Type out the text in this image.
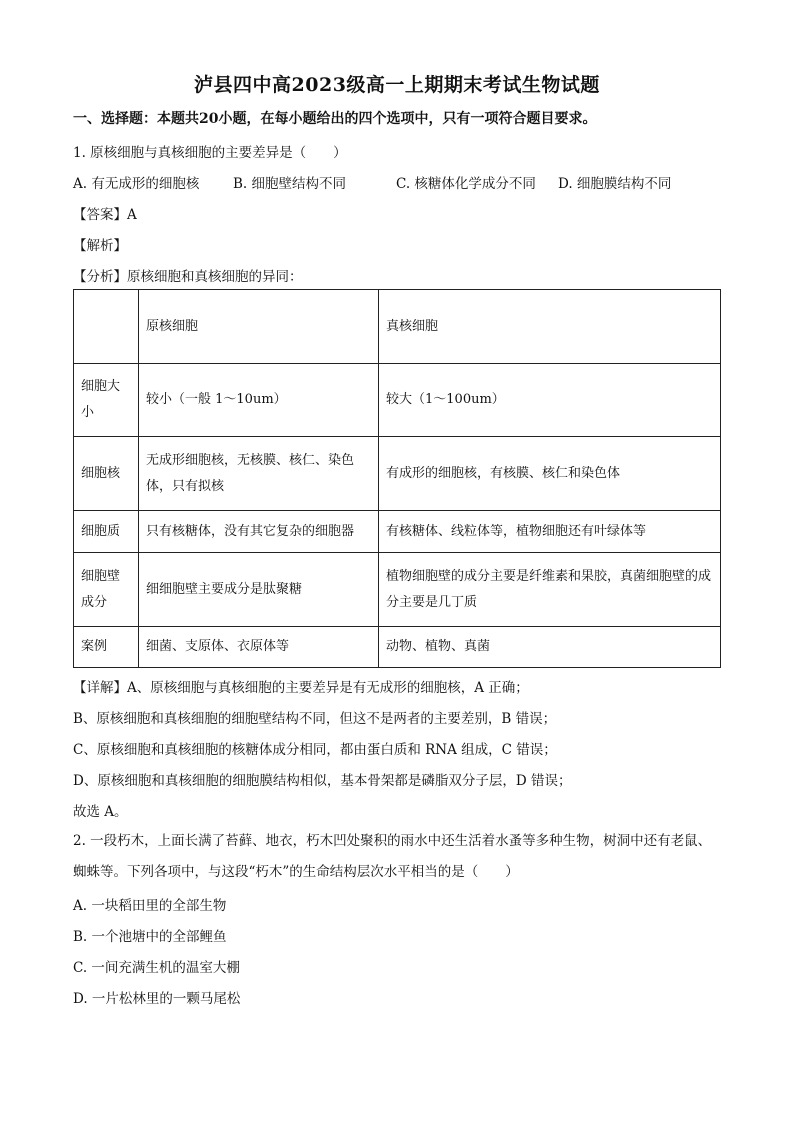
泸县四中高2023级高一上期期末考试生物试题
一、选择题：本题共20小题，在每小题给出的四个选项中，只有一项符合题目要求。
1. 原核细胞与真核细胞的主要差异是（　　）
A. 有无成形的细胞核 B. 细胞壁结构不同	C. 核糖体化学成分不同 D. 细胞膜结构不同
【答案】A
【解析】
【分析】原核细胞和真核细胞的异同：
	原核细胞	真核细胞
细胞大小	较小（一般 1～10um）	较大（1～100um）
细胞核	无成形细胞核，无核膜、核仁、染色体，只有拟核	有成形的细胞核，有核膜、核仁和染色体
细胞质	只有核糖体，没有其它复杂的细胞器	有核糖体、线粒体等，植物细胞还有叶绿体等
细胞壁成分	细细胞壁主要成分是肽聚糖	植物细胞壁的成分主要是纤维素和果胶，真菌细胞壁的成分主要是几丁质
案例	细菌、支原体、衣原体等	动物、植物、真菌
【详解】A、原核细胞与真核细胞的主要差异是有无成形的细胞核，A 正确；
B、原核细胞和真核细胞的细胞壁结构不同，但这不是两者的主要差别，B 错误；
C、原核细胞和真核细胞的核糖体成分相同，都由蛋白质和 RNA 组成，C 错误；
D、原核细胞和真核细胞的细胞膜结构相似，基本骨架都是磷脂双分子层，D 错误；
故选 A。
2. 一段朽木，上面长满了苔藓、地衣，朽木凹处聚积的雨水中还生活着水蚤等多种生物，树洞中还有老鼠、蜘蛛等。下列各项中，与这段“朽木”的生命结构层次水平相当的是（　　）
A. 一块稻田里的全部生物
B. 一个池塘中的全部鲤鱼
C. 一间充满生机的温室大棚
D. 一片松林里的一颗马尾松
